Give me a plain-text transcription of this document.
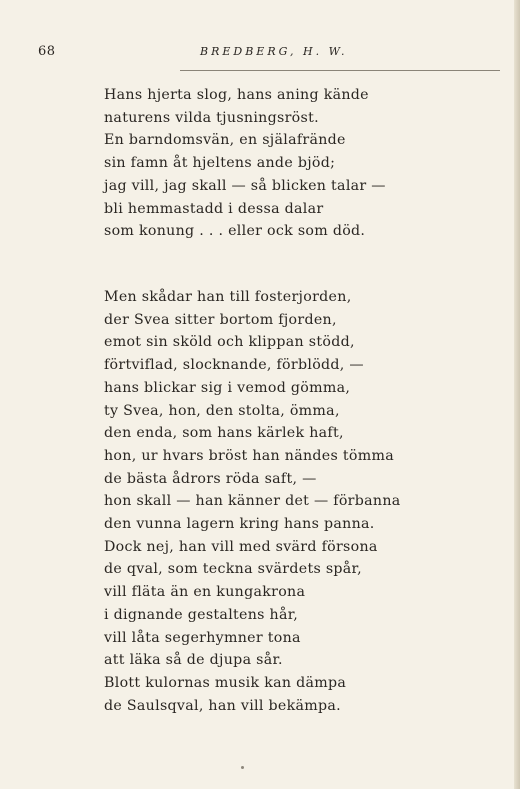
68	BREDBERG, H. W.
Hans hjerta slog, hans aning kände
naturens vilda tjusningsröst.
En barndomsvän, en själafrände
sin famn åt hjeltens ande bjöd;
jag vill, jag skall — så blicken talar —
bli hemmastadd i dessa dalar
som konung . . . eller ock som död.
Men skådar han till fosterjorden,
der Svea sitter bortom fjorden,
emot sin sköld och klippan stödd,
förtviflad, slocknande, förblödd, —
hans blickar sig i vemod gömma,
ty Svea, hon, den stolta, ömma,
den enda, som hans kärlek haft,
hon, ur hvars bröst han nändes tömma
de bästa ådrors röda saft, —
hon skall — han känner det — förbanna
den vunna lagern kring hans panna.
Dock nej, han vill med svärd försona
de qval, som teckna svärdets spår,
vill fläta än en kungakrona
i dignande gestaltens hår,
vill låta segerhymner tona
att läka så de djupa sår.
Blott kulornas musik kan dämpa
de Saulsqval, han vill bekämpa.
